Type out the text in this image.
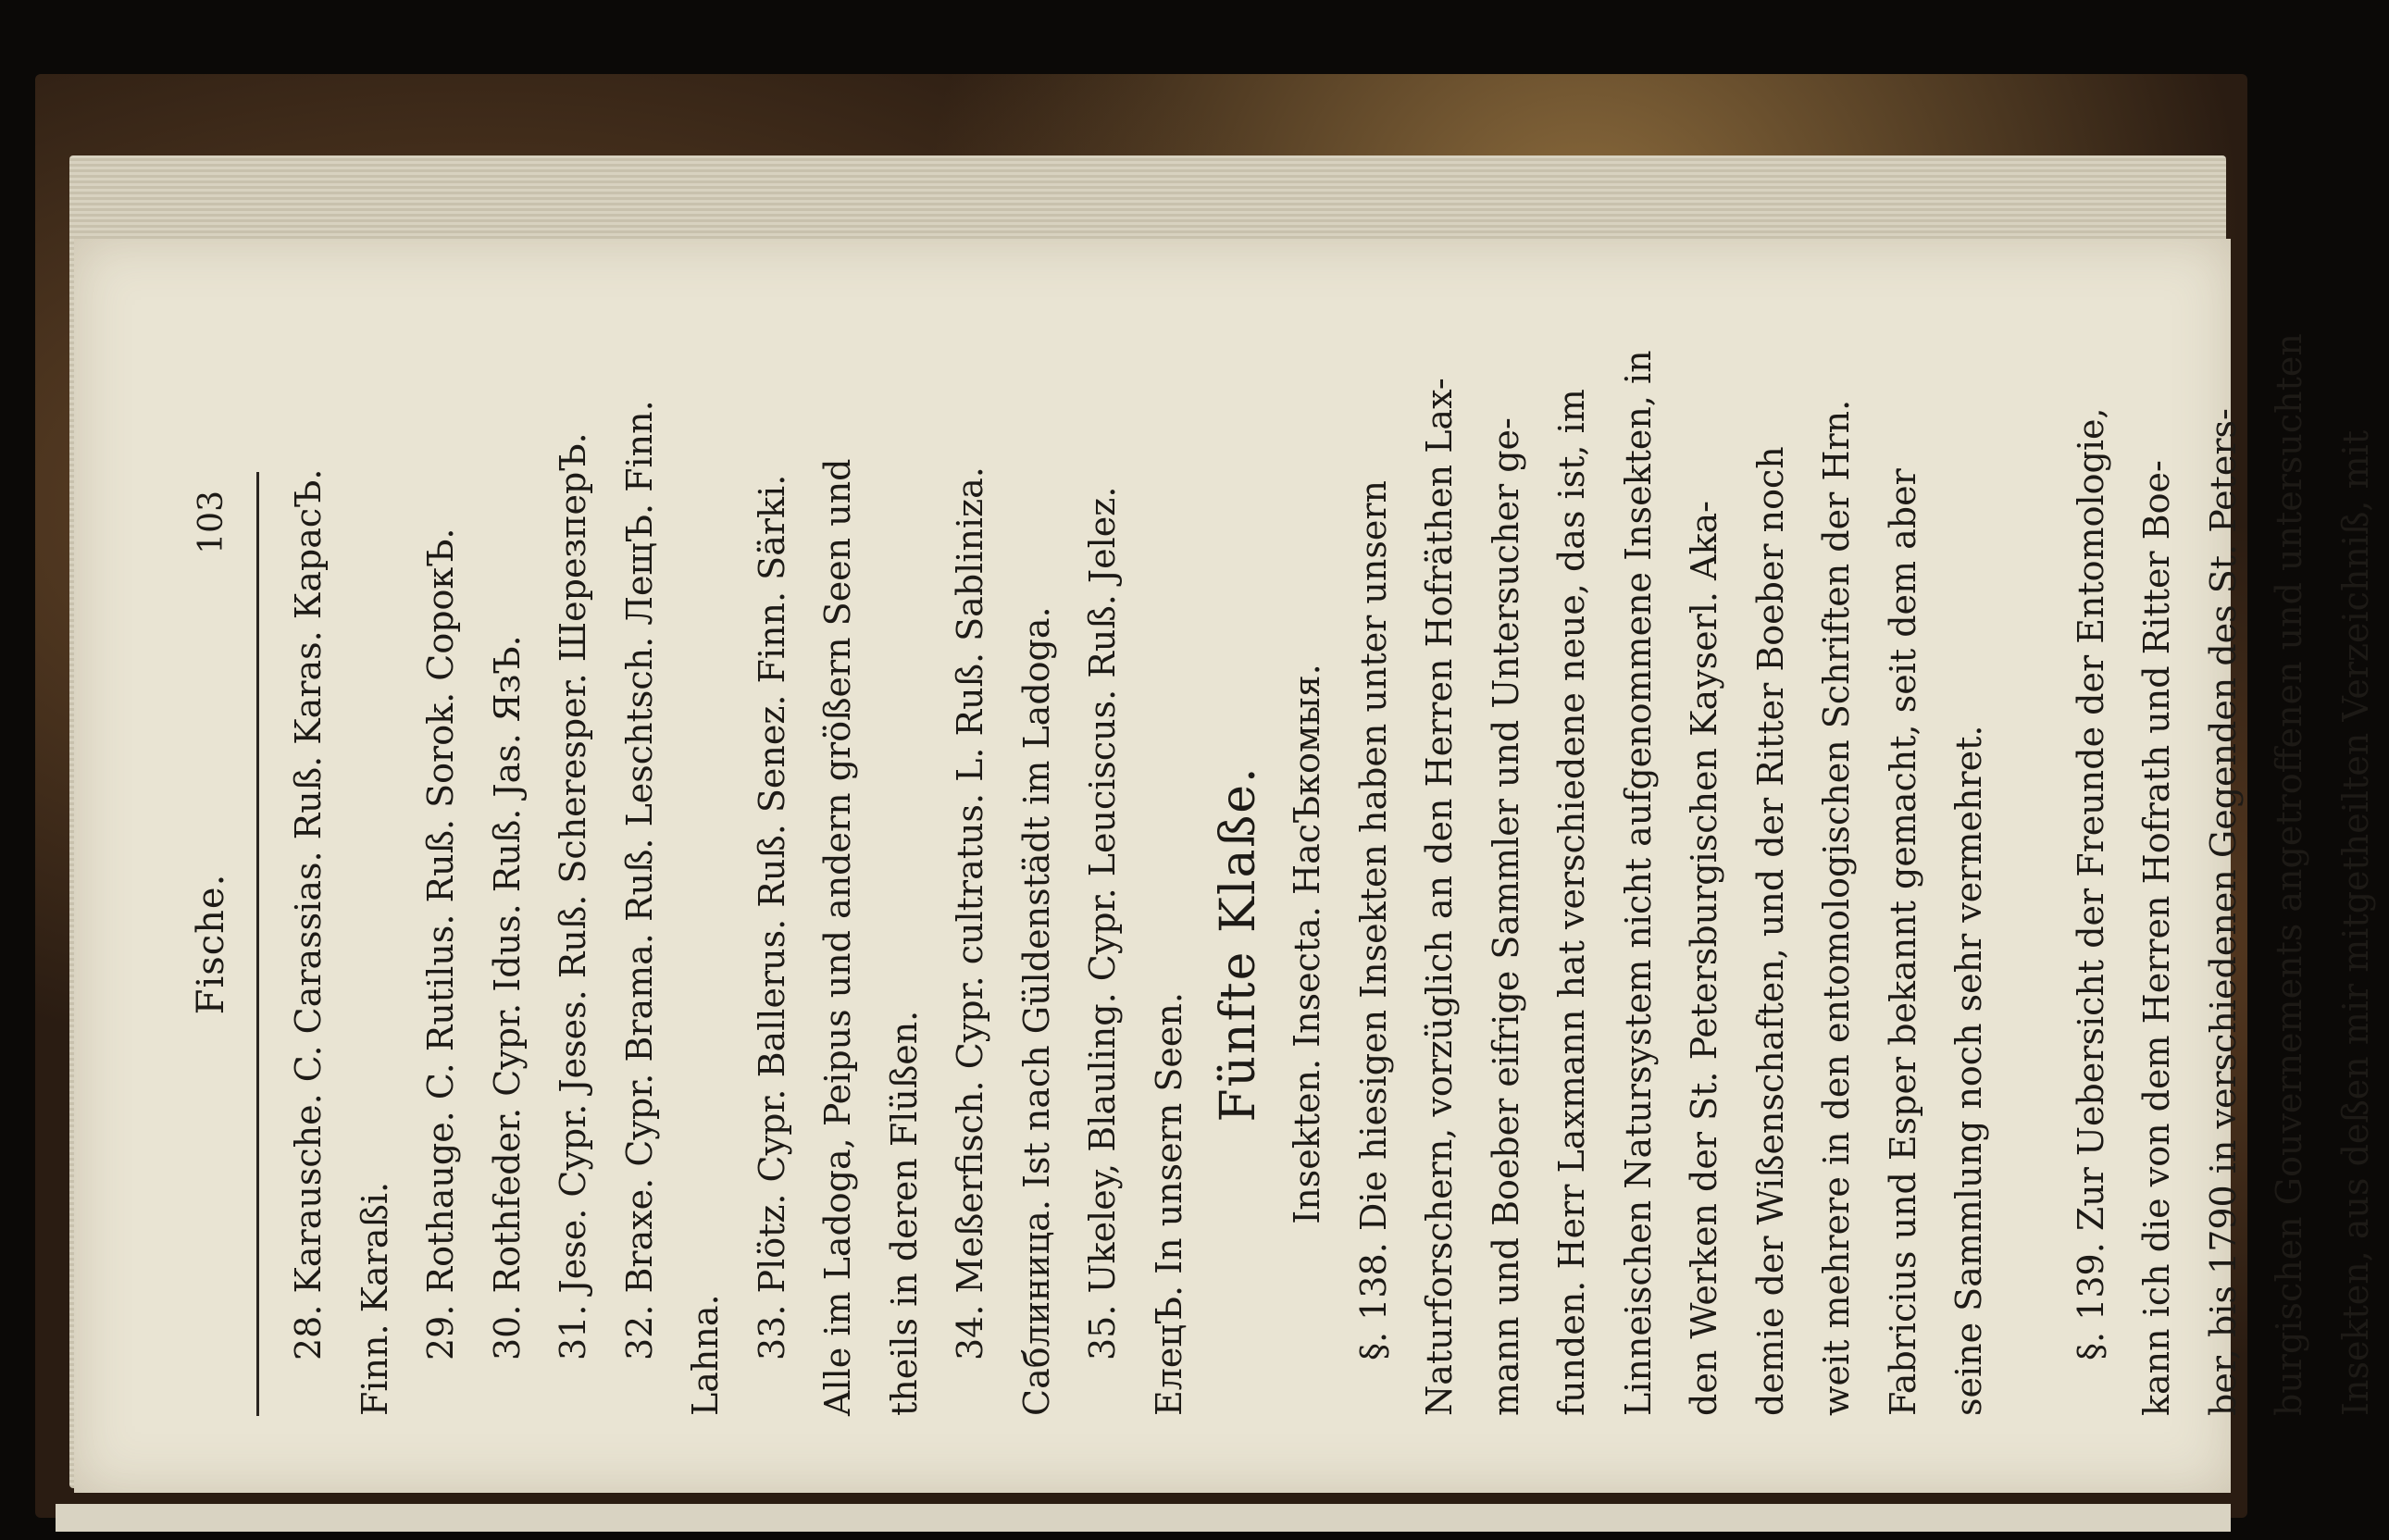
Fische.
103	28. Karausche. C. Carassias. Ruß. Karas. КарасЪ. Finn. Karaßi. 29. Rothauge. C. Rutilus. Ruß. Sorok. СорокЪ. 30. Rothfeder. Cypr. Idus. Ruß. Jas. ЯзЪ. 31. Jese. Cypr. Jeses. Ruß. Scheresper. ШерезперЪ. 32. Braxe. Cypr. Brama. Ruß. Leschtsch. ЛещЪ. Finn. Lahna. 33. Plötz. Cypr. Ballerus. Ruß. Senez. Finn. Särki. Alle im Ladoga, Peipus und andern größern Seen und theils in deren Flüßen. 34. Meßerfisch. Cypr. cultratus. L. Ruß. Sabliniza. Саблиница. Ist nach Güldenstädt im Ladoga. 35. Ukeley, Blauling. Cypr. Leuciscus. Ruß. Jelez. ЕлецЪ. In unsern Seen.
Fünfte Klaße. Insekten. Insecta. НасЪкомыя. §. 138. Die hiesigen Insekten haben unter unsern Naturforschern, vorzüglich an den Herren Hofräthen Lax- mann und Boeber eifrige Sammler und Untersucher ge- funden. Herr Laxmann hat verschiedene neue, das ist, im Linneischen Natursystem nicht aufgenommene Insekten, in den Werken der St. Petersburgischen Kayserl. Aka- demie der Wißenschaften, und der Ritter Boeber noch weit mehrere in den entomologischen Schriften der Hrn. Fabricius und Esper bekannt gemacht, seit dem aber seine Sammlung noch sehr vermehret.	§. 139. Zur Uebersicht der Freunde der Entomologie, kann ich die von dem Herren Hofrath und Ritter Boe- ber, bis 1790 in verschiedenen Gegenden des St. Peters- burgischen Gouvernements angetroffenen und untersuchten Insekten, aus deßen mir mitgetheilten Verzeichniß, mit
